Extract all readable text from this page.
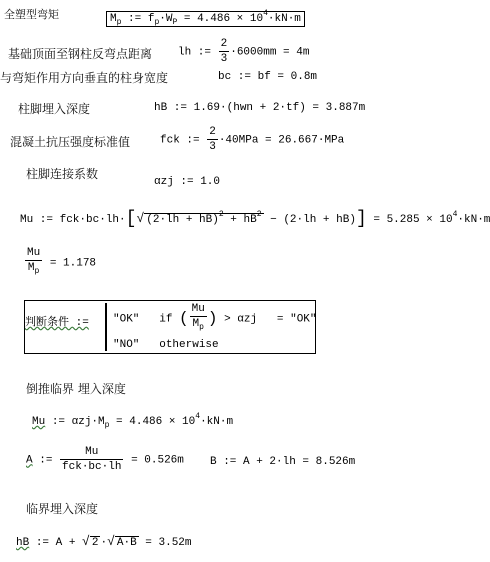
全塑型弯矩	$M_p$ := $f_p\cdot W_P = 4.486 \times 10^4\cdot kN\cdot m$
基础顶面至钢柱反弯点距离 lh := $\frac{2}{3} \cdot 6000mm = 4m$
与弯矩作用方向垂直的柱身宽度	bc := bf = 0.8m
柱脚埋入深度	hB := 1.69·(hwn + 2·tf) = 3.887m
混凝土抗压强度标准值	fck := $\frac{2}{3} \cdot 40MPa = 26.667\cdot MPa$
柱脚连接系数
αzj := 1.0
Mu := fck·bc·lh·[√ $(2\cdot lh + hB)^2 + hB^2 - (2\cdot lh + hB)] = 5.285 \times 10^4\cdot kN\cdot m$
$\frac{Mu}{M_p} = 1.178$
判断条件 := "OK" if ( $\frac{Mu}{M_p}$ ) > αzj = "OK"
"NO" otherwise
倒推临界 埋入深度
Mu := $\alpha zj\cdot M_p = 4.486 \times 10^4\cdot kN\cdot m$
A := $\frac{Mu}{\text{fck·bc·lh}} = 0.526m$ B := A + 2·lh = 8.526m
临界埋入深度
hB := A + √ 2 ·√ A·B = 3.52m
